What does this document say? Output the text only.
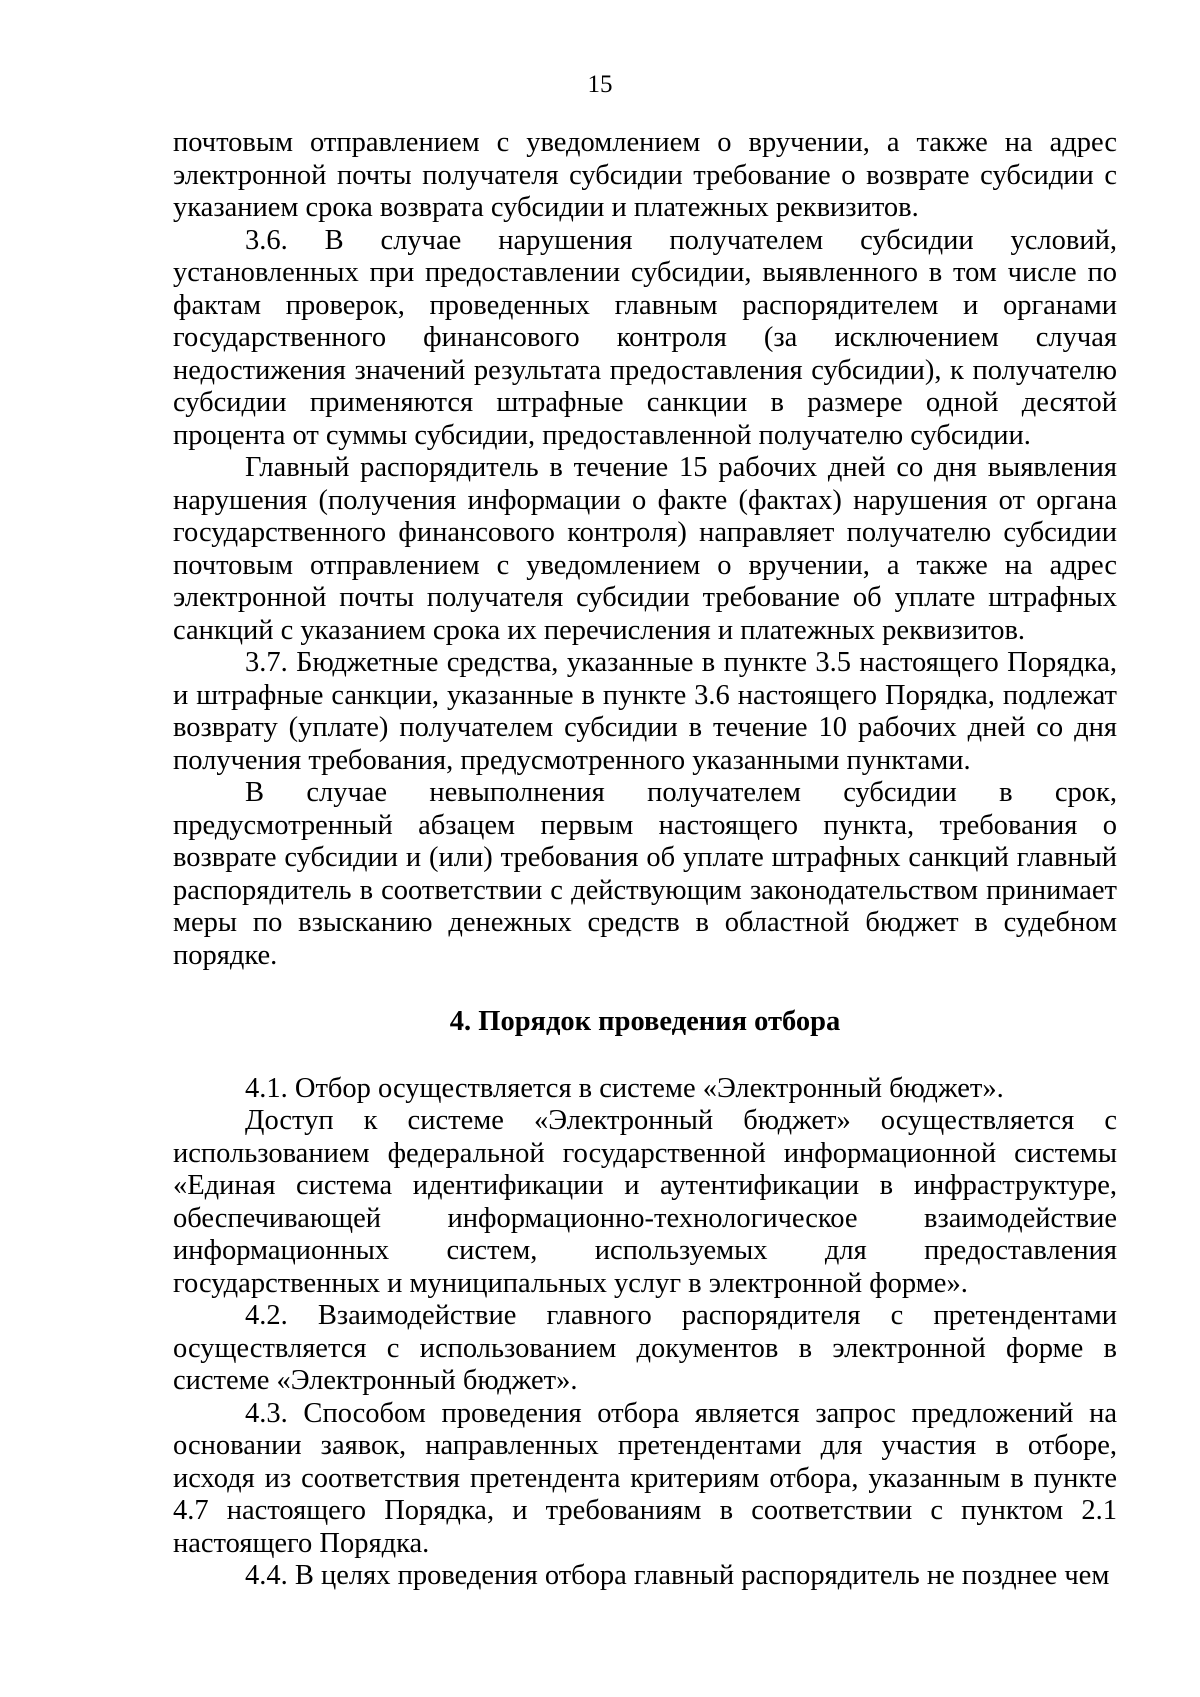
15

почтовым отправлением с уведомлением о вручении, а также на адрес электронной почты получателя субсидии требование о возврате субсидии с указанием срока возврата субсидии и платежных реквизитов.

3.6. В случае нарушения получателем субсидии условий, установленных при предоставлении субсидии, выявленного в том числе по фактам проверок, проведенных главным распорядителем и органами государственного финансового контроля (за исключением случая недостижения значений результата предоставления субсидии), к получателю субсидии применяются штрафные санкции в размере одной десятой процента от суммы субсидии, предоставленной получателю субсидии.

Главный распорядитель в течение 15 рабочих дней со дня выявления нарушения (получения информации о факте (фактах) нарушения от органа государственного финансового контроля) направляет получателю субсидии почтовым отправлением с уведомлением о вручении, а также на адрес электронной почты получателя субсидии требование об уплате штрафных санкций с указанием срока их перечисления и платежных реквизитов.

3.7. Бюджетные средства, указанные в пункте 3.5 настоящего Порядка, и штрафные санкции, указанные в пункте 3.6 настоящего Порядка, подлежат возврату (уплате) получателем субсидии в течение 10 рабочих дней со дня получения требования, предусмотренного указанными пунктами.

В случае невыполнения получателем субсидии в срок, предусмотренный абзацем первым настоящего пункта, требования о возврате субсидии и (или) требования об уплате штрафных санкций главный распорядитель в соответствии с действующим законодательством принимает меры по взысканию денежных средств в областной бюджет в судебном порядке.

4. Порядок проведения отбора

4.1. Отбор осуществляется в системе «Электронный бюджет».

Доступ к системе «Электронный бюджет» осуществляется с использованием федеральной государственной информационной системы «Единая система идентификации и аутентификации в инфраструктуре, обеспечивающей информационно-технологическое взаимодействие информационных систем, используемых для предоставления государственных и муниципальных услуг в электронной форме».

4.2. Взаимодействие главного распорядителя с претендентами осуществляется с использованием документов в электронной форме в системе «Электронный бюджет».

4.3. Способом проведения отбора является запрос предложений на основании заявок, направленных претендентами для участия в отборе, исходя из соответствия претендента критериям отбора, указанным в пункте 4.7 настоящего Порядка, и требованиям в соответствии с пунктом 2.1 настоящего Порядка.

4.4. В целях проведения отбора главный распорядитель не позднее чем
